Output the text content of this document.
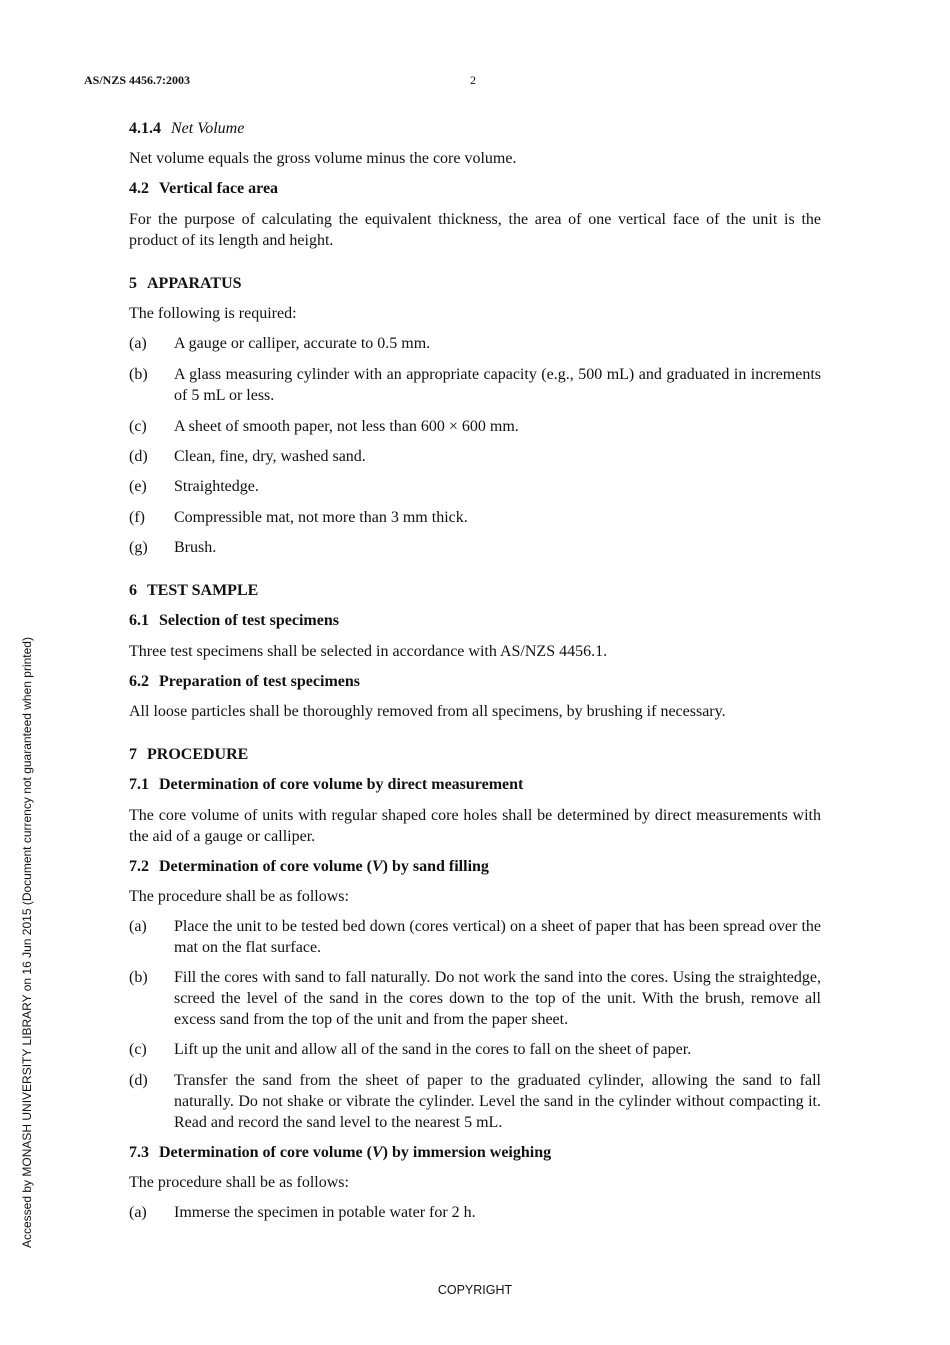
AS/NZS 4456.7:2003	2
Accessed by MONASH UNIVERSITY LIBRARY on 16 Jun 2015 (Document currency not guaranteed when printed)

4.1.4 Net Volume

Net volume equals the gross volume minus the core volume.

4.2 Vertical face area

For the purpose of calculating the equivalent thickness, the area of one vertical face of the unit is the product of its length and height.

5 APPARATUS

The following is required:

(a)	A gauge or calliper, accurate to 0.5 mm.
(b)	A glass measuring cylinder with an appropriate capacity (e.g., 500 mL) and graduated in increments of 5 mL or less.
(c)	A sheet of smooth paper, not less than 600 × 600 mm.
(d)	Clean, fine, dry, washed sand.
(e)	Straightedge.
(f)	Compressible mat, not more than 3 mm thick.
(g)	Brush.

6 TEST SAMPLE

6.1 Selection of test specimens

Three test specimens shall be selected in accordance with AS/NZS 4456.1.

6.2 Preparation of test specimens

All loose particles shall be thoroughly removed from all specimens, by brushing if necessary.

7 PROCEDURE

7.1 Determination of core volume by direct measurement

The core volume of units with regular shaped core holes shall be determined by direct measurements with the aid of a gauge or calliper.

7.2 Determination of core volume (V) by sand filling

The procedure shall be as follows:

(a)	Place the unit to be tested bed down (cores vertical) on a sheet of paper that has been spread over the mat on the flat surface.
(b)	Fill the cores with sand to fall naturally. Do not work the sand into the cores. Using the straightedge, screed the level of the sand in the cores down to the top of the unit. With the brush, remove all excess sand from the top of the unit and from the paper sheet.
(c)	Lift up the unit and allow all of the sand in the cores to fall on the sheet of paper.
(d)	Transfer the sand from the sheet of paper to the graduated cylinder, allowing the sand to fall naturally. Do not shake or vibrate the cylinder. Level the sand in the cylinder without compacting it. Read and record the sand level to the nearest 5 mL.

7.3 Determination of core volume (V) by immersion weighing

The procedure shall be as follows:

(a)	Immerse the specimen in potable water for 2 h.
COPYRIGHT
